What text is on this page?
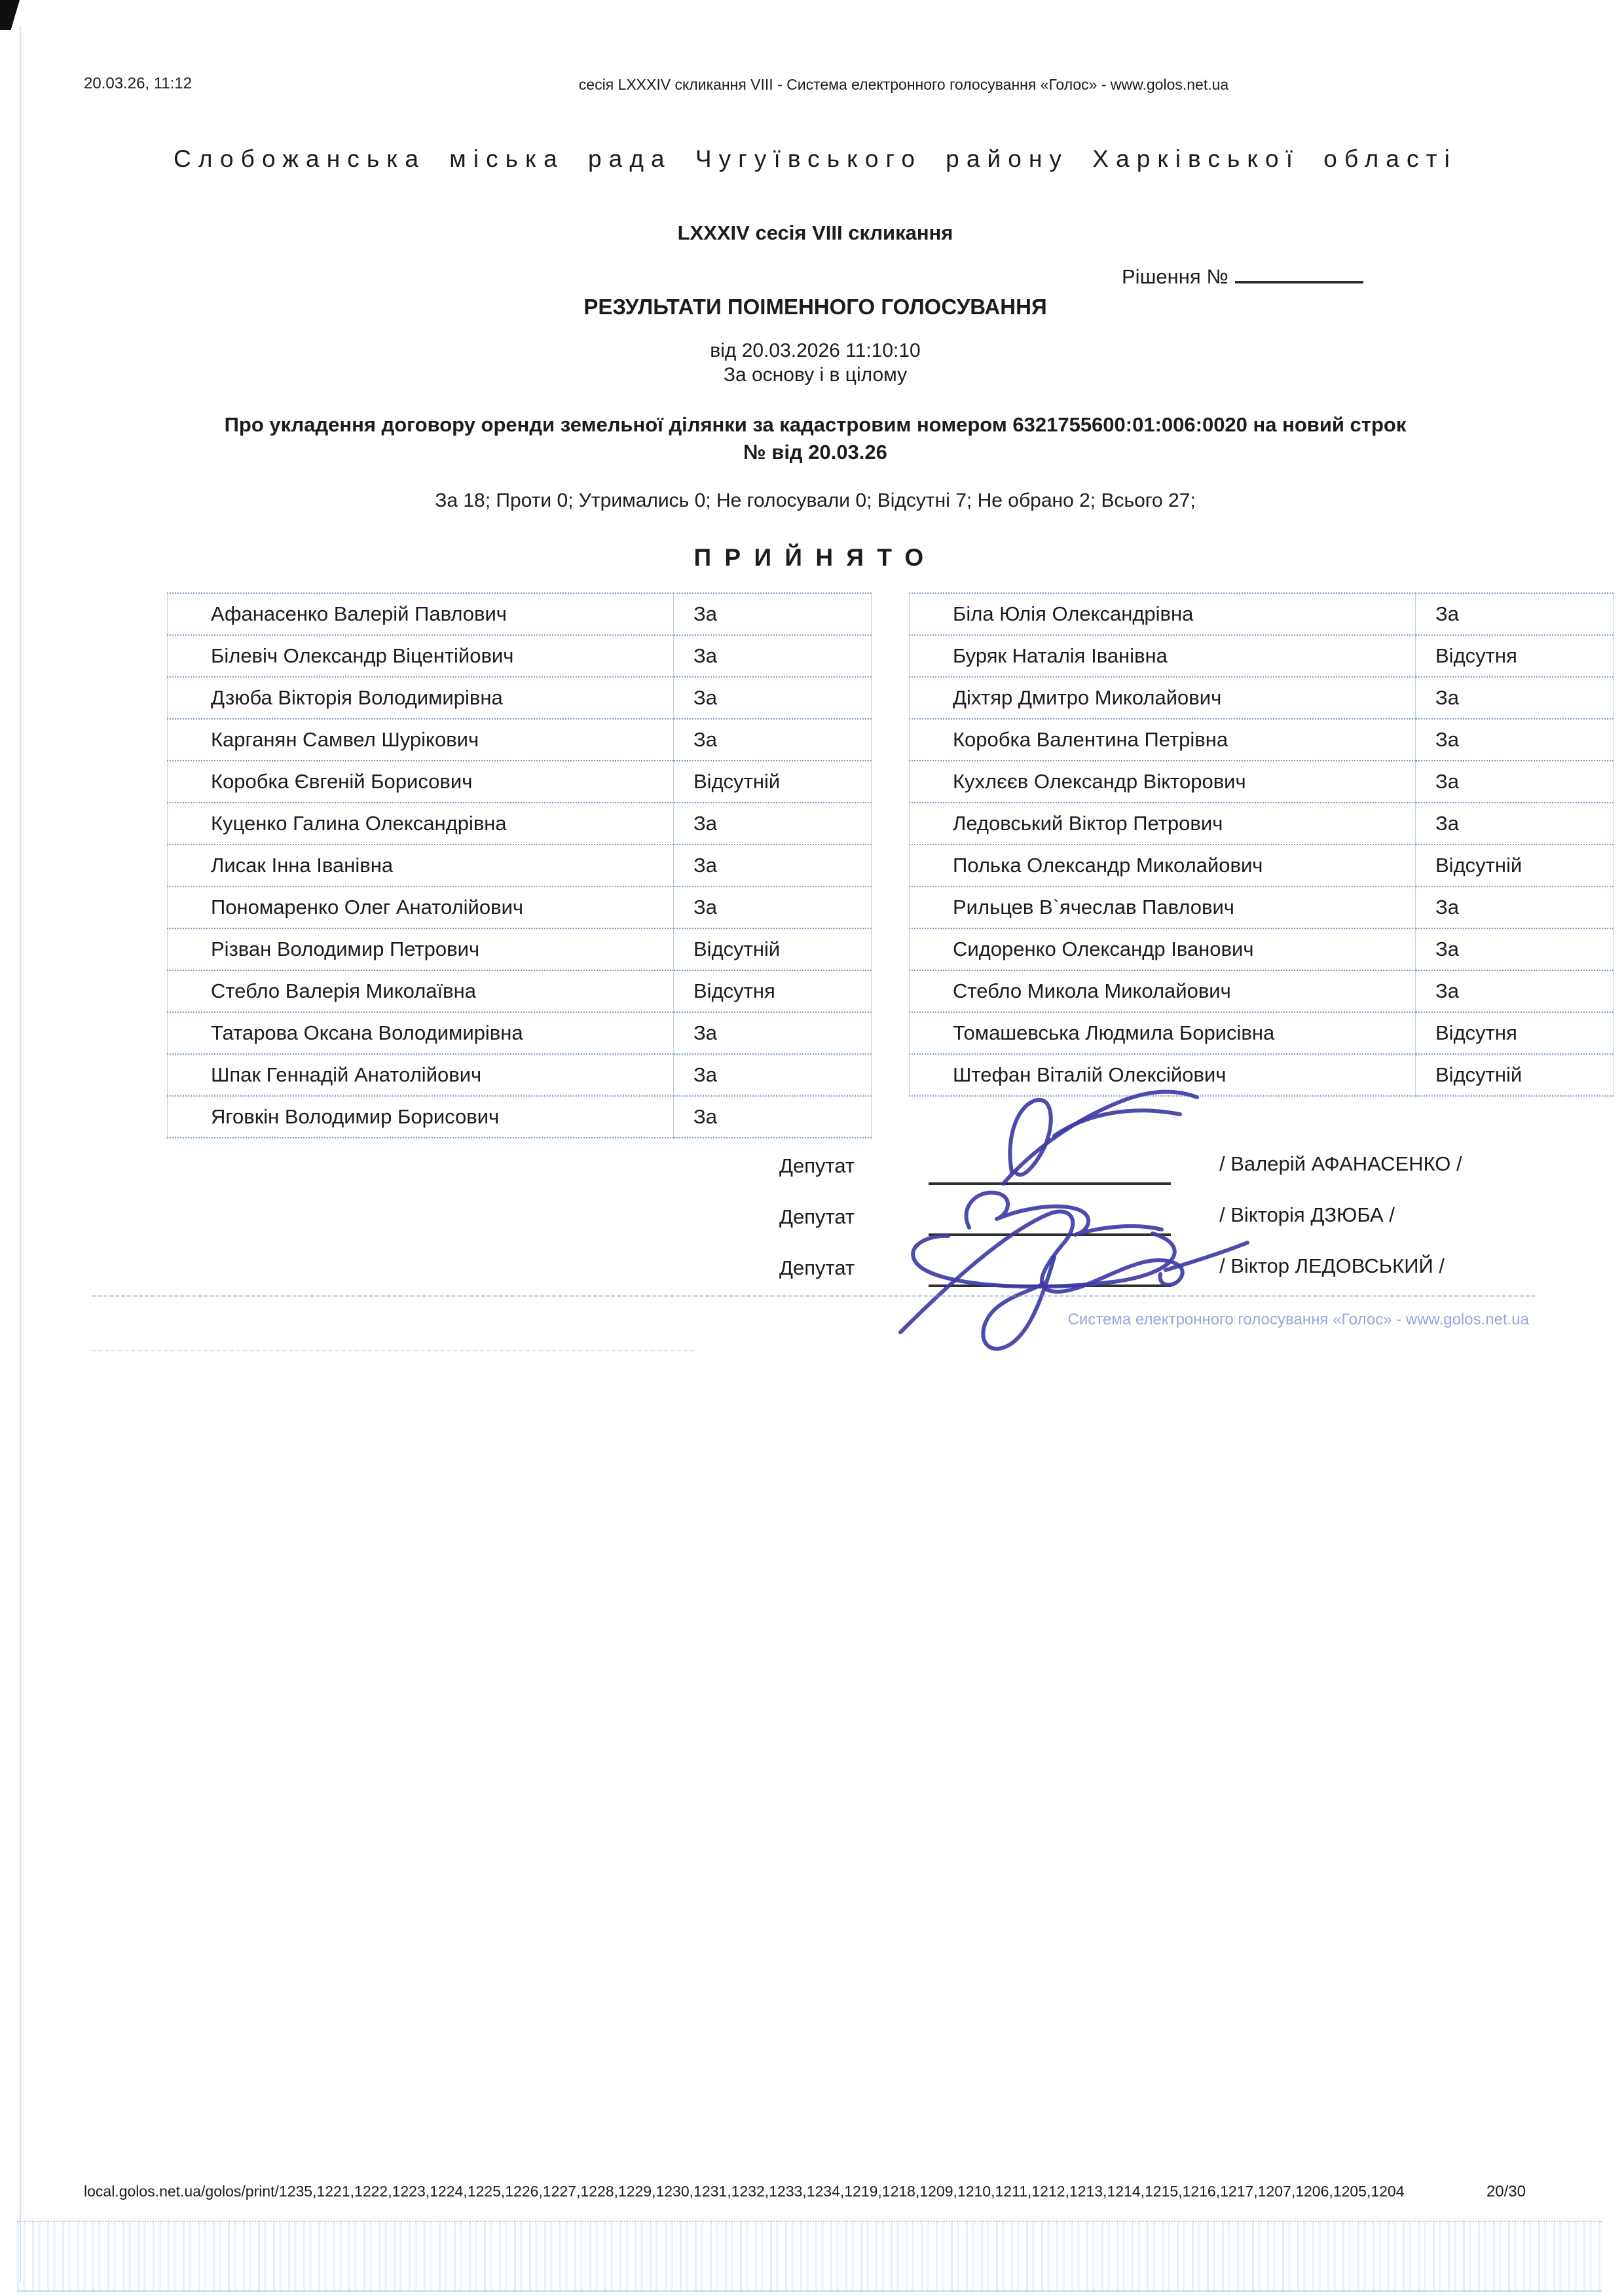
20.03.26, 11:12	сесія LXXXIV скликання VIII - Система електронного голосування «Голос» - www.golos.net.ua
Слобожанська міська рада Чугуївського району Харківської області
LXXXIV сесія VIII скликання
Рішення №
РЕЗУЛЬТАТИ ПОІМЕННОГО ГОЛОСУВАННЯ
від 20.03.2026 11:10:10
За основу і в цілому
Про укладення договору оренди земельної ділянки за кадастровим номером 6321755600:01:006:0020 на новий строк
№ від 20.03.26
За 18; Проти 0; Утримались 0; Не голосували 0; Відсутні 7; Не обрано 2; Всього 27;
ПРИЙНЯТО
Афанасенко Валерій Павлович	За
Білевіч Олександр Віцентійович	За
Дзюба Вікторія Володимирівна	За
Карганян Самвел Шурікович	За
Коробка Євгеній Борисович	Відсутній
Куценко Галина Олександрівна	За
Лисак Інна Іванівна	За
Пономаренко Олег Анатолійович	За
Різван Володимир Петрович	Відсутній
Стебло Валерія Миколаївна	Відсутня
Татарова Оксана Володимирівна	За
Шпак Геннадій Анатолійович	За
Яговкін Володимир Борисович	За
Біла Юлія Олександрівна	За
Буряк Наталія Іванівна	Відсутня
Діхтяр Дмитро Миколайович	За
Коробка Валентина Петрівна	За
Кухлєєв Олександр Вікторович	За
Ледовський Віктор Петрович	За
Полька Олександр Миколайович	Відсутній
Рильцев В`ячеслав Павлович	За
Сидоренко Олександр Іванович	За
Стебло Микола Миколайович	За
Томашевська Людмила Борисівна	Відсутня
Штефан Віталій Олексійович	Відсутній
Депутат
Депутат
Депутат
/ Валерій АФАНАСЕНКО /
/ Вікторія ДЗЮБА /
/ Віктор ЛЕДОВСЬКИЙ /
Система електронного голосування «Голос» - www.golos.net.ua
local.golos.net.ua/golos/print/1235,1221,1222,1223,1224,1225,1226,1227,1228,1229,1230,1231,1232,1233,1234,1219,1218,1209,1210,1211,1212,1213,1214,1215,1216,1217,1207,1206,1205,1204	20/30
